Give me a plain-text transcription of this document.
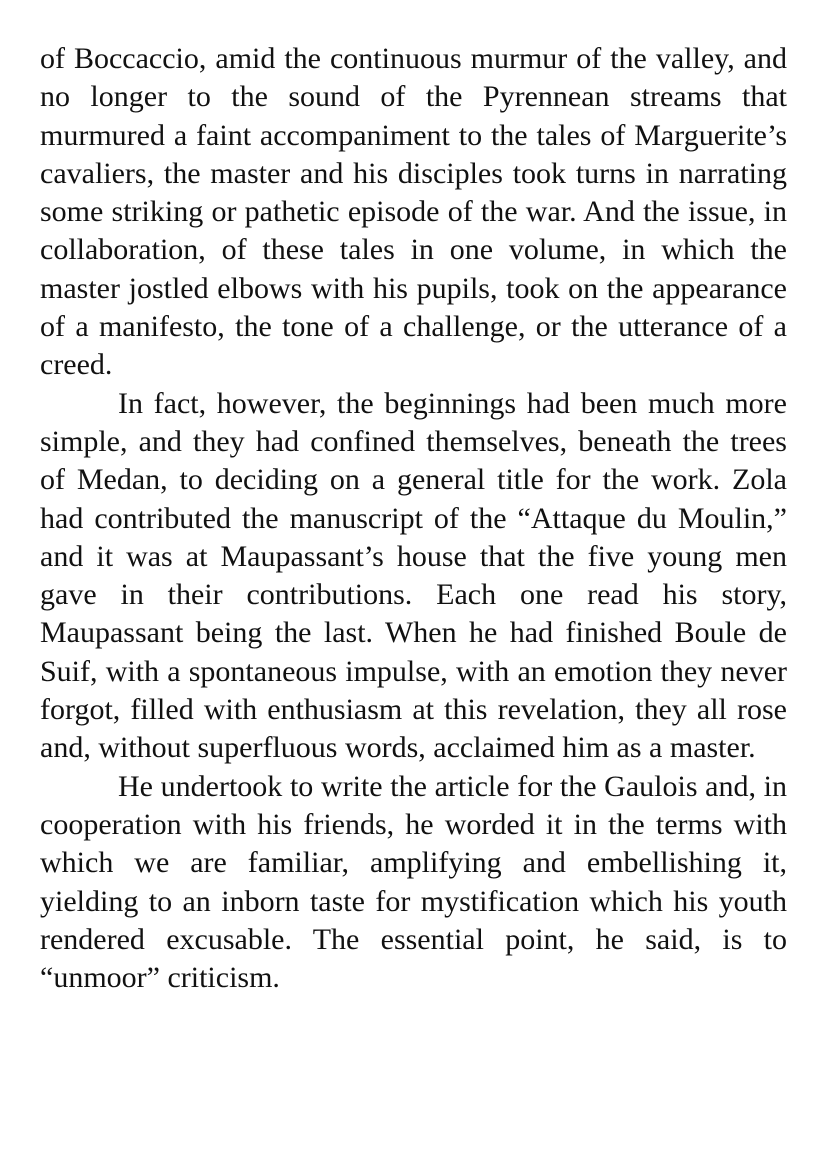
of Boccaccio, amid the continuous murmur of the valley, and no longer to the sound of the Pyrennean streams that murmured a faint accompaniment to the tales of Marguerite’s cavaliers, the master and his disciples took turns in narrating some striking or pathetic episode of the war. And the issue, in collaboration, of these tales in one volume, in which the master jostled elbows with his pupils, took on the appearance of a manifesto, the tone of a challenge, or the utterance of a creed.

In fact, however, the beginnings had been much more simple, and they had confined themselves, beneath the trees of Medan, to deciding on a general title for the work. Zola had contributed the manuscript of the “Attaque du Moulin,” and it was at Maupassant’s house that the five young men gave in their contributions. Each one read his story, Maupassant being the last. When he had finished Boule de Suif, with a spontaneous impulse, with an emotion they never forgot, filled with enthusiasm at this revelation, they all rose and, without superfluous words, acclaimed him as a master.

He undertook to write the article for the Gaulois and, in cooperation with his friends, he worded it in the terms with which we are familiar, amplifying and embellishing it, yielding to an inborn taste for mystification which his youth rendered excusable. The essential point, he said, is to “unmoor” criticism.
